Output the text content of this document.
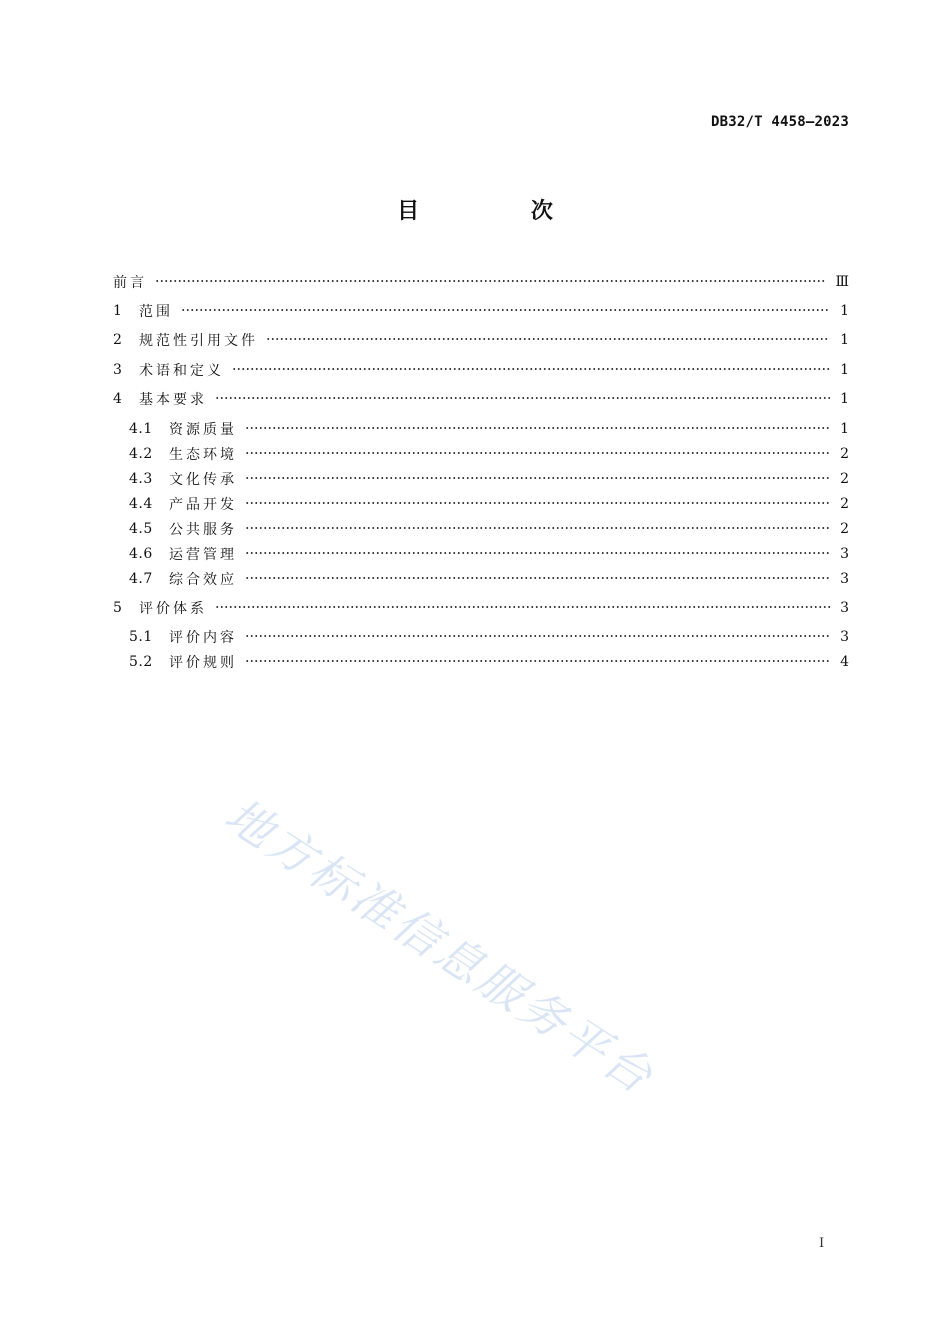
DB32/T 4458—2023
目 次
前言	Ⅲ
1	范围	1
2	规范性引用文件	1
3	术语和定义	1
4	基本要求	1
4.1	资源质量	1
4.2	生态环境	2
4.3	文化传承	2
4.4	产品开发	2
4.5	公共服务	2
4.6	运营管理	3
4.7	综合效应	3
5	评价体系	3
5.1	评价内容	3
5.2	评价规则	4
地方标准信息服务平台
I
